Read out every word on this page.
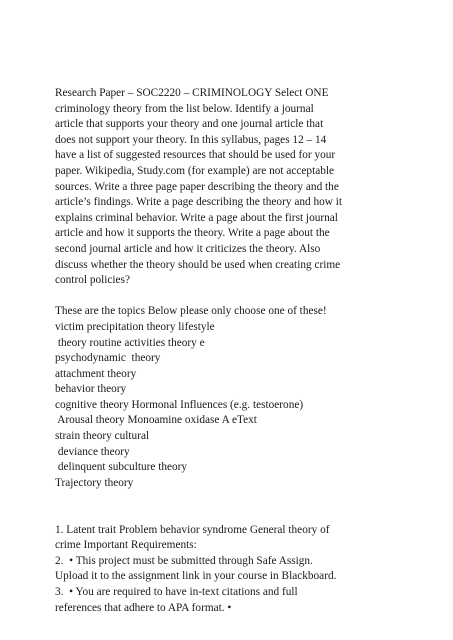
Research Paper – SOC2220 – CRIMINOLOGY Select ONE
criminology theory from the list below. Identify a journal
article that supports your theory and one journal article that
does not support your theory. In this syllabus, pages 12 – 14
have a list of suggested resources that should be used for your
paper. Wikipedia, Study.com (for example) are not acceptable
sources. Write a three page paper describing the theory and the
article’s findings. Write a page describing the theory and how it
explains criminal behavior. Write a page about the first journal
article and how it supports the theory. Write a page about the
second journal article and how it criticizes the theory. Also
discuss whether the theory should be used when creating crime
control policies?
These are the topics Below please only choose one of these!
victim precipitation theory lifestyle
theory routine activities theory e
psychodynamic  theory
attachment theory
behavior theory
cognitive theory Hormonal Influences (e.g. testoerone)
Arousal theory Monoamine oxidase A eText
strain theory cultural
deviance theory
delinquent subculture theory
Trajectory theory
1. Latent trait Problem behavior syndrome General theory of
crime Important Requirements:
2.  • This project must be submitted through Safe Assign.
Upload it to the assignment link in your course in Blackboard.
3.  • You are required to have in-text citations and full
references that adhere to APA format. •
